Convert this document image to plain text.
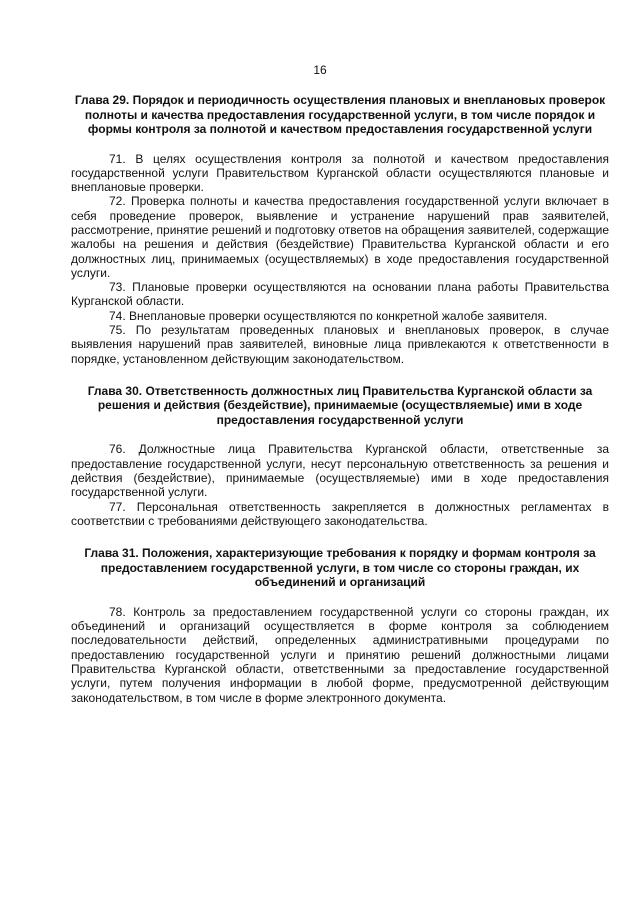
16

Глава 29. Порядок и периодичность осуществления плановых и внеплановых проверок полноты и качества предоставления государственной услуги, в том числе порядок и формы контроля за полнотой и качеством предоставления государственной услуги

71. В целях осуществления контроля за полнотой и качеством предоставления государственной услуги Правительством Курганской области осуществляются плановые и внеплановые проверки.

72. Проверка полноты и качества предоставления государственной услуги включает в себя проведение проверок, выявление и устранение нарушений прав заявителей, рассмотрение, принятие решений и подготовку ответов на обращения заявителей, содержащие жалобы на решения и действия (бездействие) Правительства Курганской области и его должностных лиц, принимаемых (осуществляемых) в ходе предоставления государственной услуги.

73. Плановые проверки осуществляются на основании плана работы Правительства Курганской области.

74. Внеплановые проверки осуществляются по конкретной жалобе заявителя.

75. По результатам проведенных плановых и внеплановых проверок, в случае выявления нарушений прав заявителей, виновные лица привлекаются к ответственности в порядке, установленном действующим законодательством.

Глава 30. Ответственность должностных лиц Правительства Курганской области за решения и действия (бездействие), принимаемые (осуществляемые) ими в ходе предоставления государственной услуги

76. Должностные лица Правительства Курганской области, ответственные за предоставление государственной услуги, несут персональную ответственность за решения и действия (бездействие), принимаемые (осуществляемые) ими в ходе предоставления государственной услуги.

77. Персональная ответственность закрепляется в должностных регламентах в соответствии с требованиями действующего законодательства.

Глава 31. Положения, характеризующие требования к порядку и формам контроля за предоставлением государственной услуги, в том числе со стороны граждан, их объединений и организаций

78. Контроль за предоставлением государственной услуги со стороны граждан, их объединений и организаций осуществляется в форме контроля за соблюдением последовательности действий, определенных административными процедурами по предоставлению государственной услуги и принятию решений должностными лицами Правительства Курганской области, ответственными за предоставление государственной услуги, путем получения информации в любой форме, предусмотренной действующим законодательством, в том числе в форме электронного документа.
